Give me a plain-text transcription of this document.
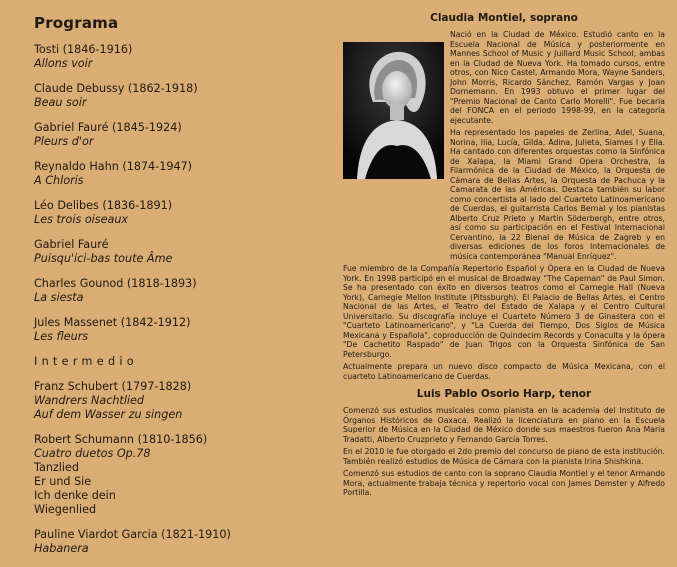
Programa
Tosti (1846-1916)
Allons voir
Claude Debussy (1862-1918)
Beau soir
Gabriel Fauré (1845-1924)
Pleurs d'or
Reynaldo Hahn (1874-1947)
A Chloris
Léo Delibes (1836-1891)
Les trois oiseaux
Gabriel Fauré
Puisqu'ici-bas toute Âme
Charles Gounod (1818-1893)
La siesta
Jules Massenet (1842-1912)
Les fleurs
Intermedio
Franz Schubert (1797-1828)
Wandrers Nachtlied
Auf dem Wasser zu singen
Robert Schumann (1810-1856)
Cuatro duetos Op.78
Tanzlied
Er und Sie
Ich denke dein
Wiegenlied
Pauline Viardot Garcia (1821-1910)
Habanera
Claudia Montiel, soprano

Nació en la Ciudad de México. Estudió canto en la Escuela Nacional de Música y posteriormente en Mannes School of Music y Juillard Music School, ambas en la Ciudad de Nueva York. Ha tomado cursos, entre otros, con Nico Castel, Armando Mora, Wayne Sanders, John Morris, Ricardo Sánchez, Ramón Vargas y Joan Dornemann. En 1993 obtuvo el primer lugar del "Premio Nacional de Canto Carlo Morelli". Fue becaria del FONCA en el periodo 1998-99, en la categoría ejecutante.

Ha representado los papeles de Zerlina, Adel, Suana, Norina, Ilia, Lucía, Gilda, Adina, Julieta, Siames I y Ella. Ha cantado con diferentes orquestas como la Sinfónica de Xalapa, la Miami Grand Opera Orchestra, la Filarmónica de la Ciudad de México, la Orquesta de Cámara de Bellas Artes, la Orquesta de Pachuca y la Camarata de las Américas. Destaca también su labor como concertista al lado del Cuarteto Latinoamericano de Cuerdas, el guitarrista Carlos Bernal y los pianistas Alberto Cruz Prieto y Martin Söderbergh, entre otros, así como su participación en el Festival Internacional Cervantino, la 22 Bienal de Música de Zagreb y en diversas ediciones de los foros Internacionales de música contemporánea "Manual Enríquez".

Fue miembro de la Compañía Repertorio Español y Ópera en la Ciudad de Nueva York. En 1998 participó en el musical de Broadway "The Capeman" de Paul Simon. Se ha presentado con éxito en diversos teatros como el Carnegie Hall (Nueva York), Carnegie Mellon Institute (Pitssburgh). El Palacio de Bellas Artes, el Centro Nacional de las Artes, el Teatro del Estado de Xalapa y el Centro Cultural Universitario. Su discografía incluye el Cuarteto Número 3 de Ginastera con el "Cuarteto Latinoamericano", y "La Cuerda del Tiempo, Dos Siglos de Música Mexicana y Española", coproducción de Quindecim Records y Conaculta y la ópera "De Cachetito Raspado" de Juan Trigos con la Orquesta Sinfónica de San Petersburgo.

Actualmente prepara un nuevo disco compacto de Música Mexicana, con el cuarteto Latinoamericano de Cuerdas.

Luis Pablo Osorio Harp, tenor

Comenzó sus estudios musicales como pianista en la academia del Instituto de Órganos Históricos de Oaxaca. Realizó la licenciatura en piano en la Escuela Superior de Música en la Ciudad de México donde sus maestros fueron Ana María Tradatti, Alberto Cruzprieto y Fernando García Torres.

En el 2010 le fue otorgado el 2do premio del concurso de piano de esta institución. También realizó estudios de Música de Cámara con la pianista Irina Shishkina.

Comenzó sus estudios de canto con la soprano Claudia Montiel y el tenor Armando Mora, actualmente trabaja técnica y repertorio vocal con James Demster y Alfredo Portilla.
